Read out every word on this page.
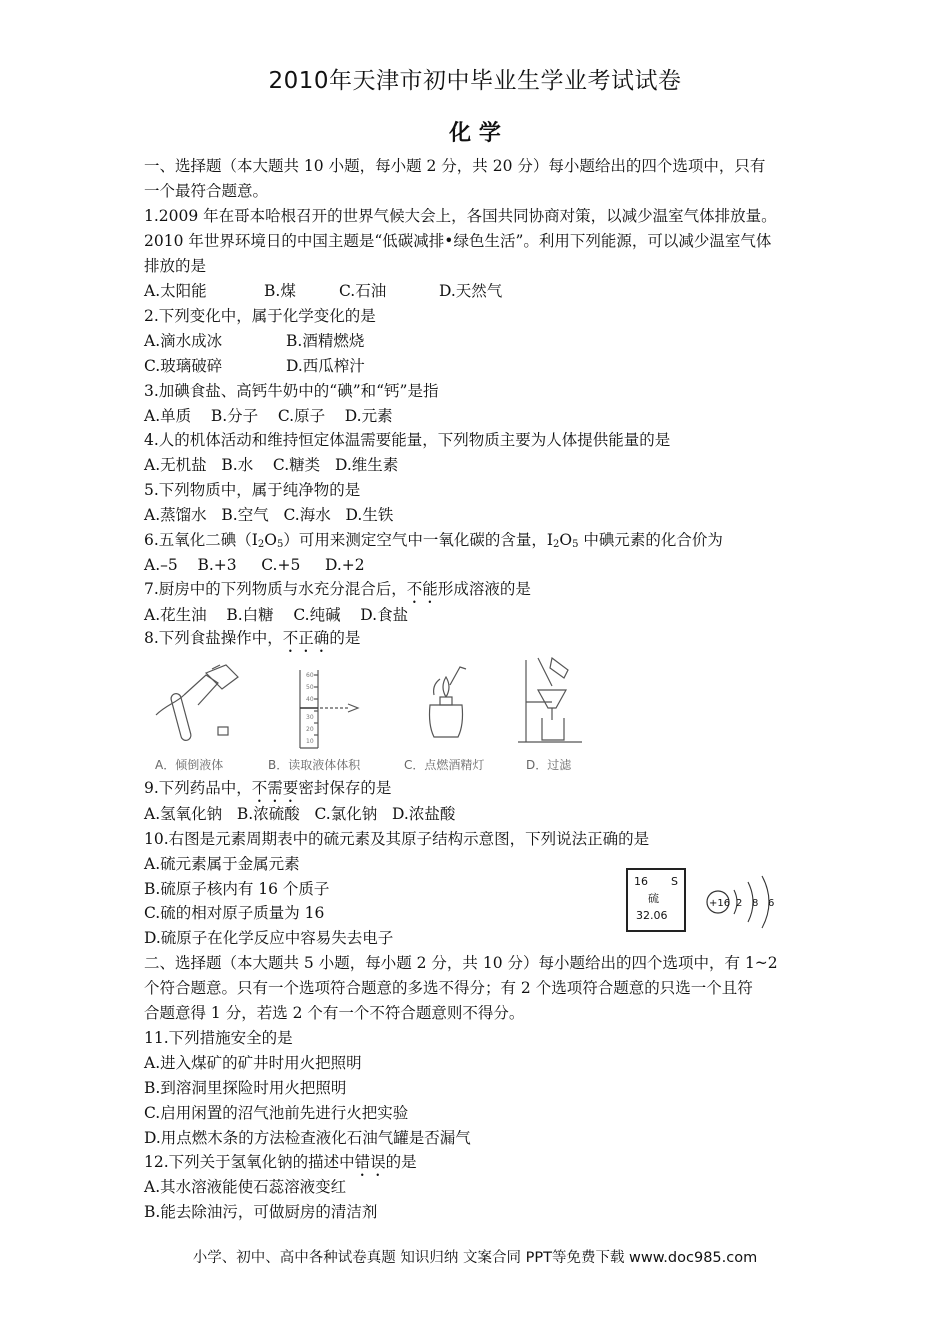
2010年天津市初中毕业生学业考试试卷
化 学
一、选择题（本大题共 10 小题，每小题 2 分，共 20 分）每小题给出的四个选项中，只有
一个最符合题意。
1.2009 年在哥本哈根召开的世界气候大会上，各国共同协商对策，以减少温室气体排放量。
2010 年世界环境日的中国主题是“低碳减排•绿色生活”。利用下列能源，可以减少温室气体
排放的是
A.太阳能	B.煤	C.石油	D.天然气
2.下列变化中，属于化学变化的是
A.滴水成冰	B.酒精燃烧
C.玻璃破碎	D.西瓜榨汁
3.加碘食盐、高钙牛奶中的“碘”和“钙”是指
A.单质    B.分子    C.原子    D.元素
4.人的机体活动和维持恒定体温需要能量，下列物质主要为人体提供能量的是
A.无机盐   B.水    C.糖类   D.维生素
5.下列物质中，属于纯净物的是
A.蒸馏水   B.空气   C.海水   D.生铁
6.五氧化二碘$(I_2O_5)$可用来测定空气中一氧化碳的含量，$I_2O_5$ 中碘元素的化合价为
A.–5    B.+3     C.+5     D.+2
7.厨房中的下列物质与水充分混合后，不能形成溶液的是
A.花生油    B.白糖    C.纯碱    D.食盐
8.下列食盐操作中，不正确的是
60
50
40
30
20
10
A．倾倒液体	B．读取液体体积	C．点燃酒精灯	D．过滤
9.下列药品中，不需要密封保存的是
A.氢氧化钠   B.浓硫酸   C.氯化钠   D.浓盐酸
10.右图是元素周期表中的硫元素及其原子结构示意图，下列说法正确的是
A.硫元素属于金属元素
B.硫原子核内有 16 个质子
C.硫的相对原子质量为 16
D.硫原子在化学反应中容易失去电子
16 S
硫
32.06
+16 2 8 6
二、选择题（本大题共 5 小题，每小题 2 分，共 10 分）每小题给出的四个选项中，有 1~2
个符合题意。只有一个选项符合题意的多选不得分；有 2 个选项符合题意的只选一个且符
合题意得 1 分，若选 2 个有一个不符合题意则不得分。
11.下列措施安全的是
A.进入煤矿的矿井时用火把照明
B.到溶洞里探险时用火把照明
C.启用闲置的沼气池前先进行火把实验
D.用点燃木条的方法检查液化石油气罐是否漏气
12.下列关于氢氧化钠的描述中错误的是
A.其水溶液能使石蕊溶液变红
B.能去除油污，可做厨房的清洁剂
小学、初中、高中各种试卷真题 知识归纳 文案合同 PPT等免费下载 www.doc985.com
